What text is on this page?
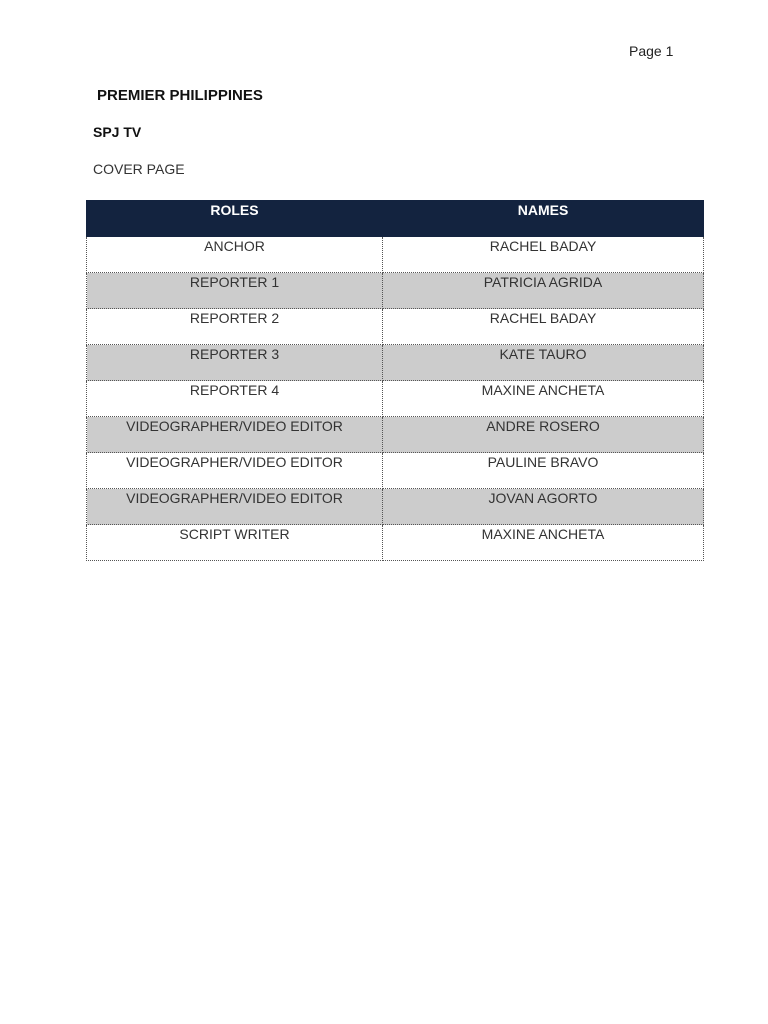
Page 1
PREMIER PHILIPPINES
SPJ TV
COVER PAGE
ROLES	NAMES
ANCHOR	RACHEL BADAY
REPORTER 1	PATRICIA AGRIDA
REPORTER 2	RACHEL BADAY
REPORTER 3	KATE TAURO
REPORTER 4	MAXINE ANCHETA
VIDEOGRAPHER/VIDEO EDITOR	ANDRE ROSERO
VIDEOGRAPHER/VIDEO EDITOR	PAULINE BRAVO
VIDEOGRAPHER/VIDEO EDITOR	JOVAN AGORTO
SCRIPT WRITER	MAXINE ANCHETA
